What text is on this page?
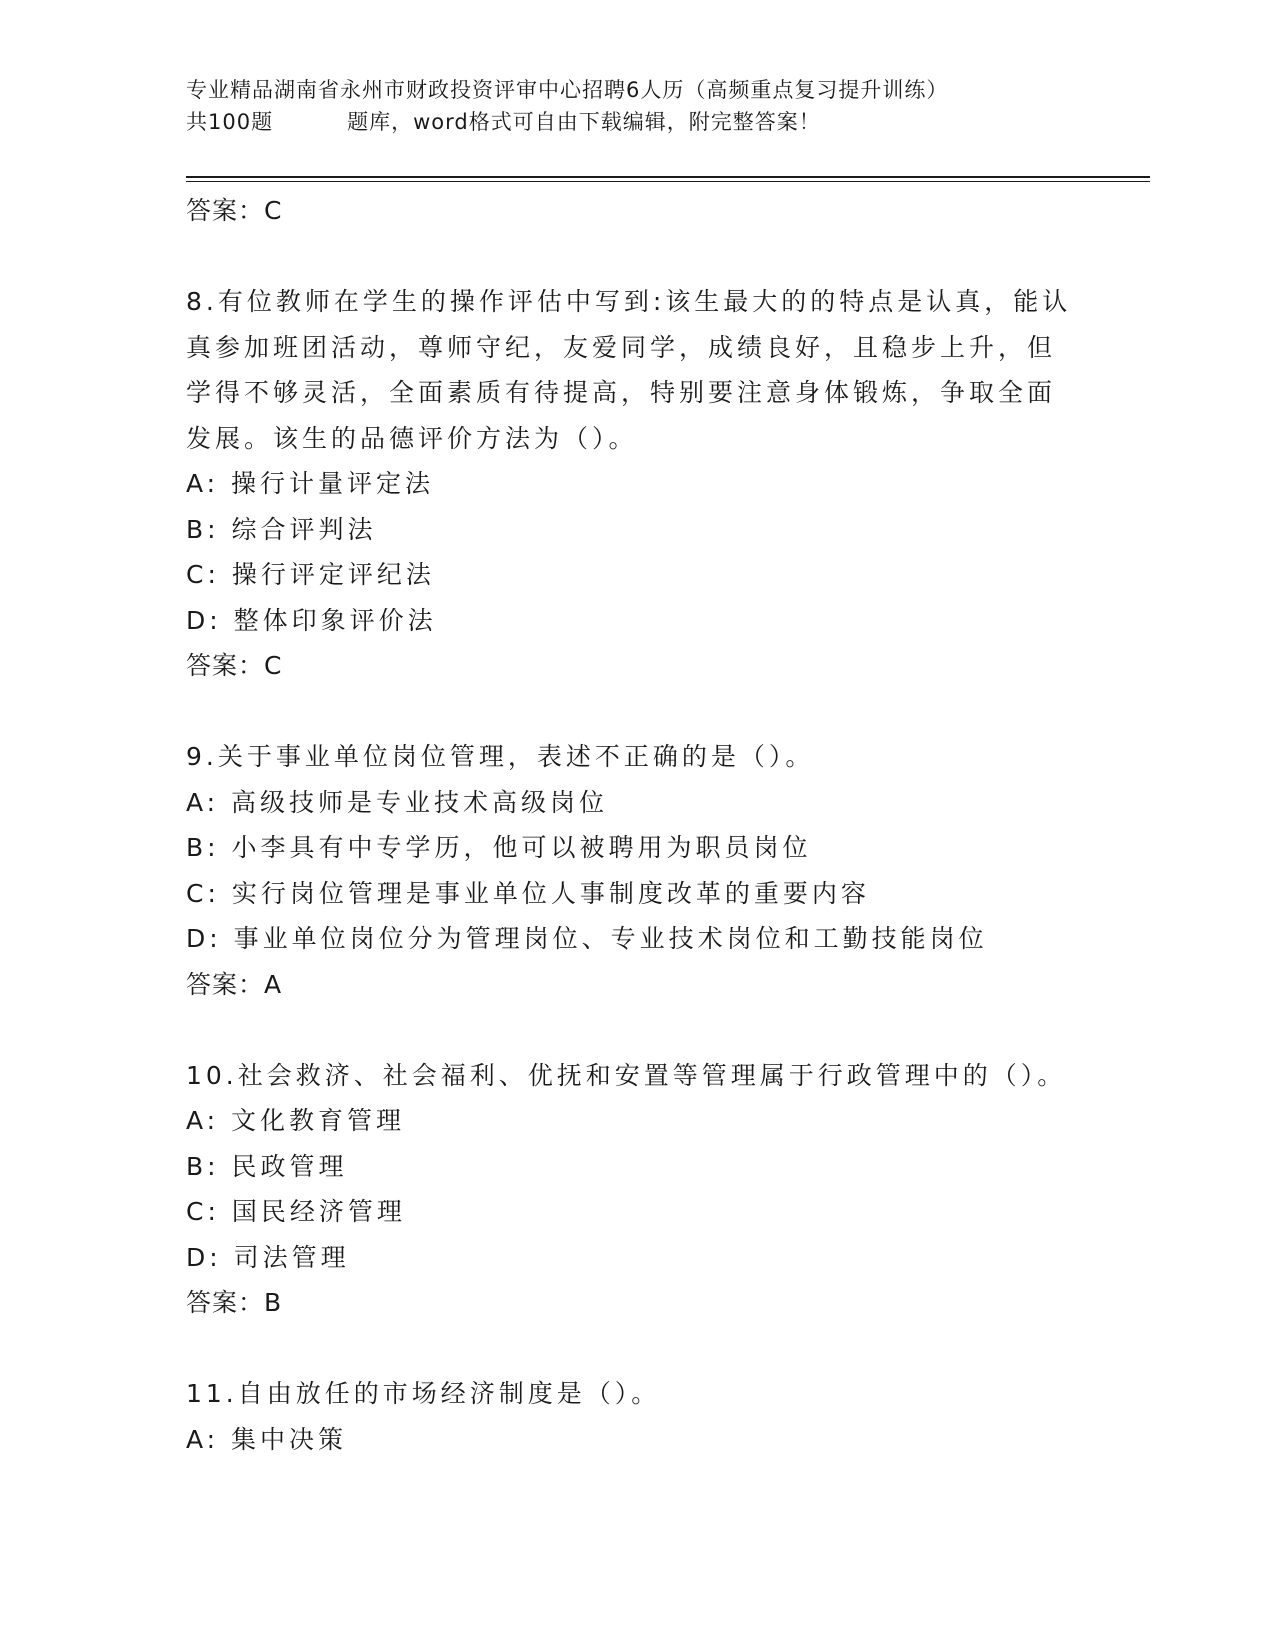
专业精品湖南省永州市财政投资评审中心招聘6人历（高频重点复习提升训练）
共100题	题库，word格式可自由下载编辑，附完整答案！
答案：C
8.有位教师在学生的操作评估中写到:该生最大的的特点是认真，能认
真参加班团活动，尊师守纪，友爱同学，成绩良好，且稳步上升，但
学得不够灵活，全面素质有待提高，特别要注意身体锻炼，争取全面
发展。该生的品德评价方法为（）。
A: 操行计量评定法
B: 综合评判法
C: 操行评定评纪法
D: 整体印象评价法
答案：C
9.关于事业单位岗位管理，表述不正确的是（）。
A: 高级技师是专业技术高级岗位
B: 小李具有中专学历，他可以被聘用为职员岗位
C: 实行岗位管理是事业单位人事制度改革的重要内容
D: 事业单位岗位分为管理岗位、专业技术岗位和工勤技能岗位
答案：A
10.社会救济、社会福利、优抚和安置等管理属于行政管理中的（）。
A: 文化教育管理
B: 民政管理
C: 国民经济管理
D: 司法管理
答案：B
11.自由放任的市场经济制度是（）。
A: 集中决策
